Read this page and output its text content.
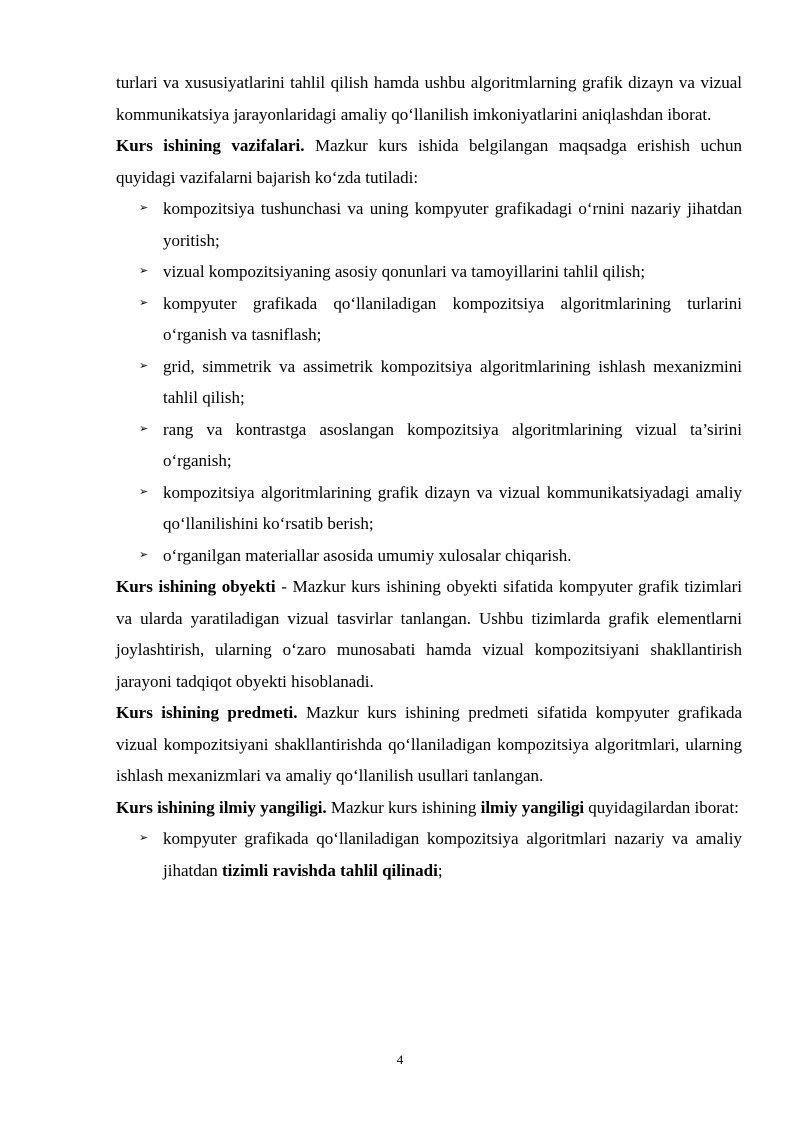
turlari va xususiyatlarini tahlil qilish hamda ushbu algoritmlarning grafik dizayn va vizual kommunikatsiya jarayonlaridagi amaliy qo‘llanilish imkoniyatlarini aniqlashdan iborat.

Kurs ishining vazifalari. Mazkur kurs ishida belgilangan maqsadga erishish uchun quyidagi vazifalarni bajarish ko‘zda tutiladi:

➢ kompozitsiya tushunchasi va uning kompyuter grafikadagi o‘rnini nazariy jihatdan yoritish;
➢ vizual kompozitsiyaning asosiy qonunlari va tamoyillarini tahlil qilish;
➢ kompyuter grafikada qo‘llaniladigan kompozitsiya algoritmlarining turlarini o‘rganish va tasniflash;
➢ grid, simmetrik va assimetrik kompozitsiya algoritmlarining ishlash mexanizmini tahlil qilish;
➢ rang va kontrastga asoslangan kompozitsiya algoritmlarining vizual ta’sirini o‘rganish;
➢ kompozitsiya algoritmlarining grafik dizayn va vizual kommunikatsiyadagi amaliy qo‘llanilishini ko‘rsatib berish;
➢ o‘rganilgan materiallar asosida umumiy xulosalar chiqarish.

Kurs ishining obyekti - Mazkur kurs ishining obyekti sifatida kompyuter grafik tizimlari va ularda yaratiladigan vizual tasvirlar tanlangan. Ushbu tizimlarda grafik elementlarni joylashtirish, ularning o‘zaro munosabati hamda vizual kompozitsiyani shakllantirish jarayoni tadqiqot obyekti hisoblanadi.

Kurs ishining predmeti. Mazkur kurs ishining predmeti sifatida kompyuter grafikada vizual kompozitsiyani shakllantirishda qo‘llaniladigan kompozitsiya algoritmlari, ularning ishlash mexanizmlari va amaliy qo‘llanilish usullari tanlangan.

Kurs ishining ilmiy yangiligi. Mazkur kurs ishining ilmiy yangiligi quyidagilardan iborat:

➢ kompyuter grafikada qo‘llaniladigan kompozitsiya algoritmlari nazariy va amaliy jihatdan tizimli ravishda tahlil qilinadi;
4
